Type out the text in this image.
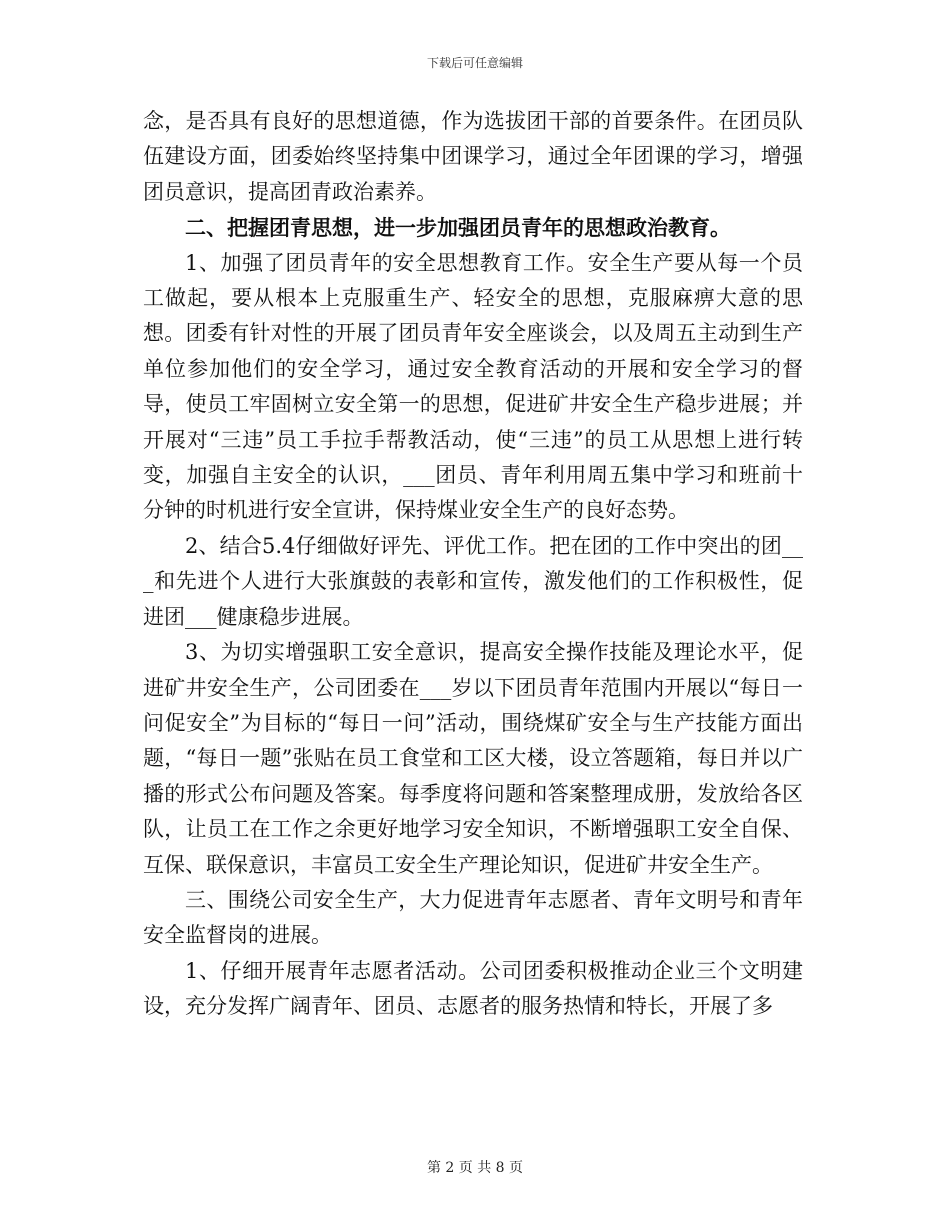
下载后可任意编辑

念，是否具有良好的思想道德，作为选拔团干部的首要条件。在团员队伍建设方面，团委始终坚持集中团课学习，通过全年团课的学习，增强团员意识，提高团青政治素养。

二、把握团青思想，进一步加强团员青年的思想政治教育。

1、加强了团员青年的安全思想教育工作。安全生产要从每一个员工做起，要从根本上克服重生产、轻安全的思想，克服麻痹大意的思想。团委有针对性的开展了团员青年安全座谈会，以及周五主动到生产单位参加他们的安全学习，通过安全教育活动的开展和安全学习的督导，使员工牢固树立安全第一的思想，促进矿井安全生产稳步进展；并开展对“三违”员工手拉手帮教活动，使“三违”的员工从思想上进行转变，加强自主安全的认识，___团员、青年利用周五集中学习和班前十分钟的时机进行安全宣讲，保持煤业安全生产的良好态势。

2、结合5.4仔细做好评先、评优工作。把在团的工作中突出的团___和先进个人进行大张旗鼓的表彰和宣传，激发他们的工作积极性，促进团___健康稳步进展。

3、为切实增强职工安全意识，提高安全操作技能及理论水平，促进矿井安全生产，公司团委在___岁以下团员青年范围内开展以“每日一问促安全”为目标的“每日一问”活动，围绕煤矿安全与生产技能方面出题，“每日一题”张贴在员工食堂和工区大楼，设立答题箱，每日并以广播的形式公布问题及答案。每季度将问题和答案整理成册，发放给各区队，让员工在工作之余更好地学习安全知识，不断增强职工安全自保、互保、联保意识，丰富员工安全生产理论知识，促进矿井安全生产。

三、围绕公司安全生产，大力促进青年志愿者、青年文明号和青年安全监督岗的进展。

1、仔细开展青年志愿者活动。公司团委积极推动企业三个文明建设，充分发挥广阔青年、团员、志愿者的服务热情和特长，开展了多

第 2 页 共 8 页
